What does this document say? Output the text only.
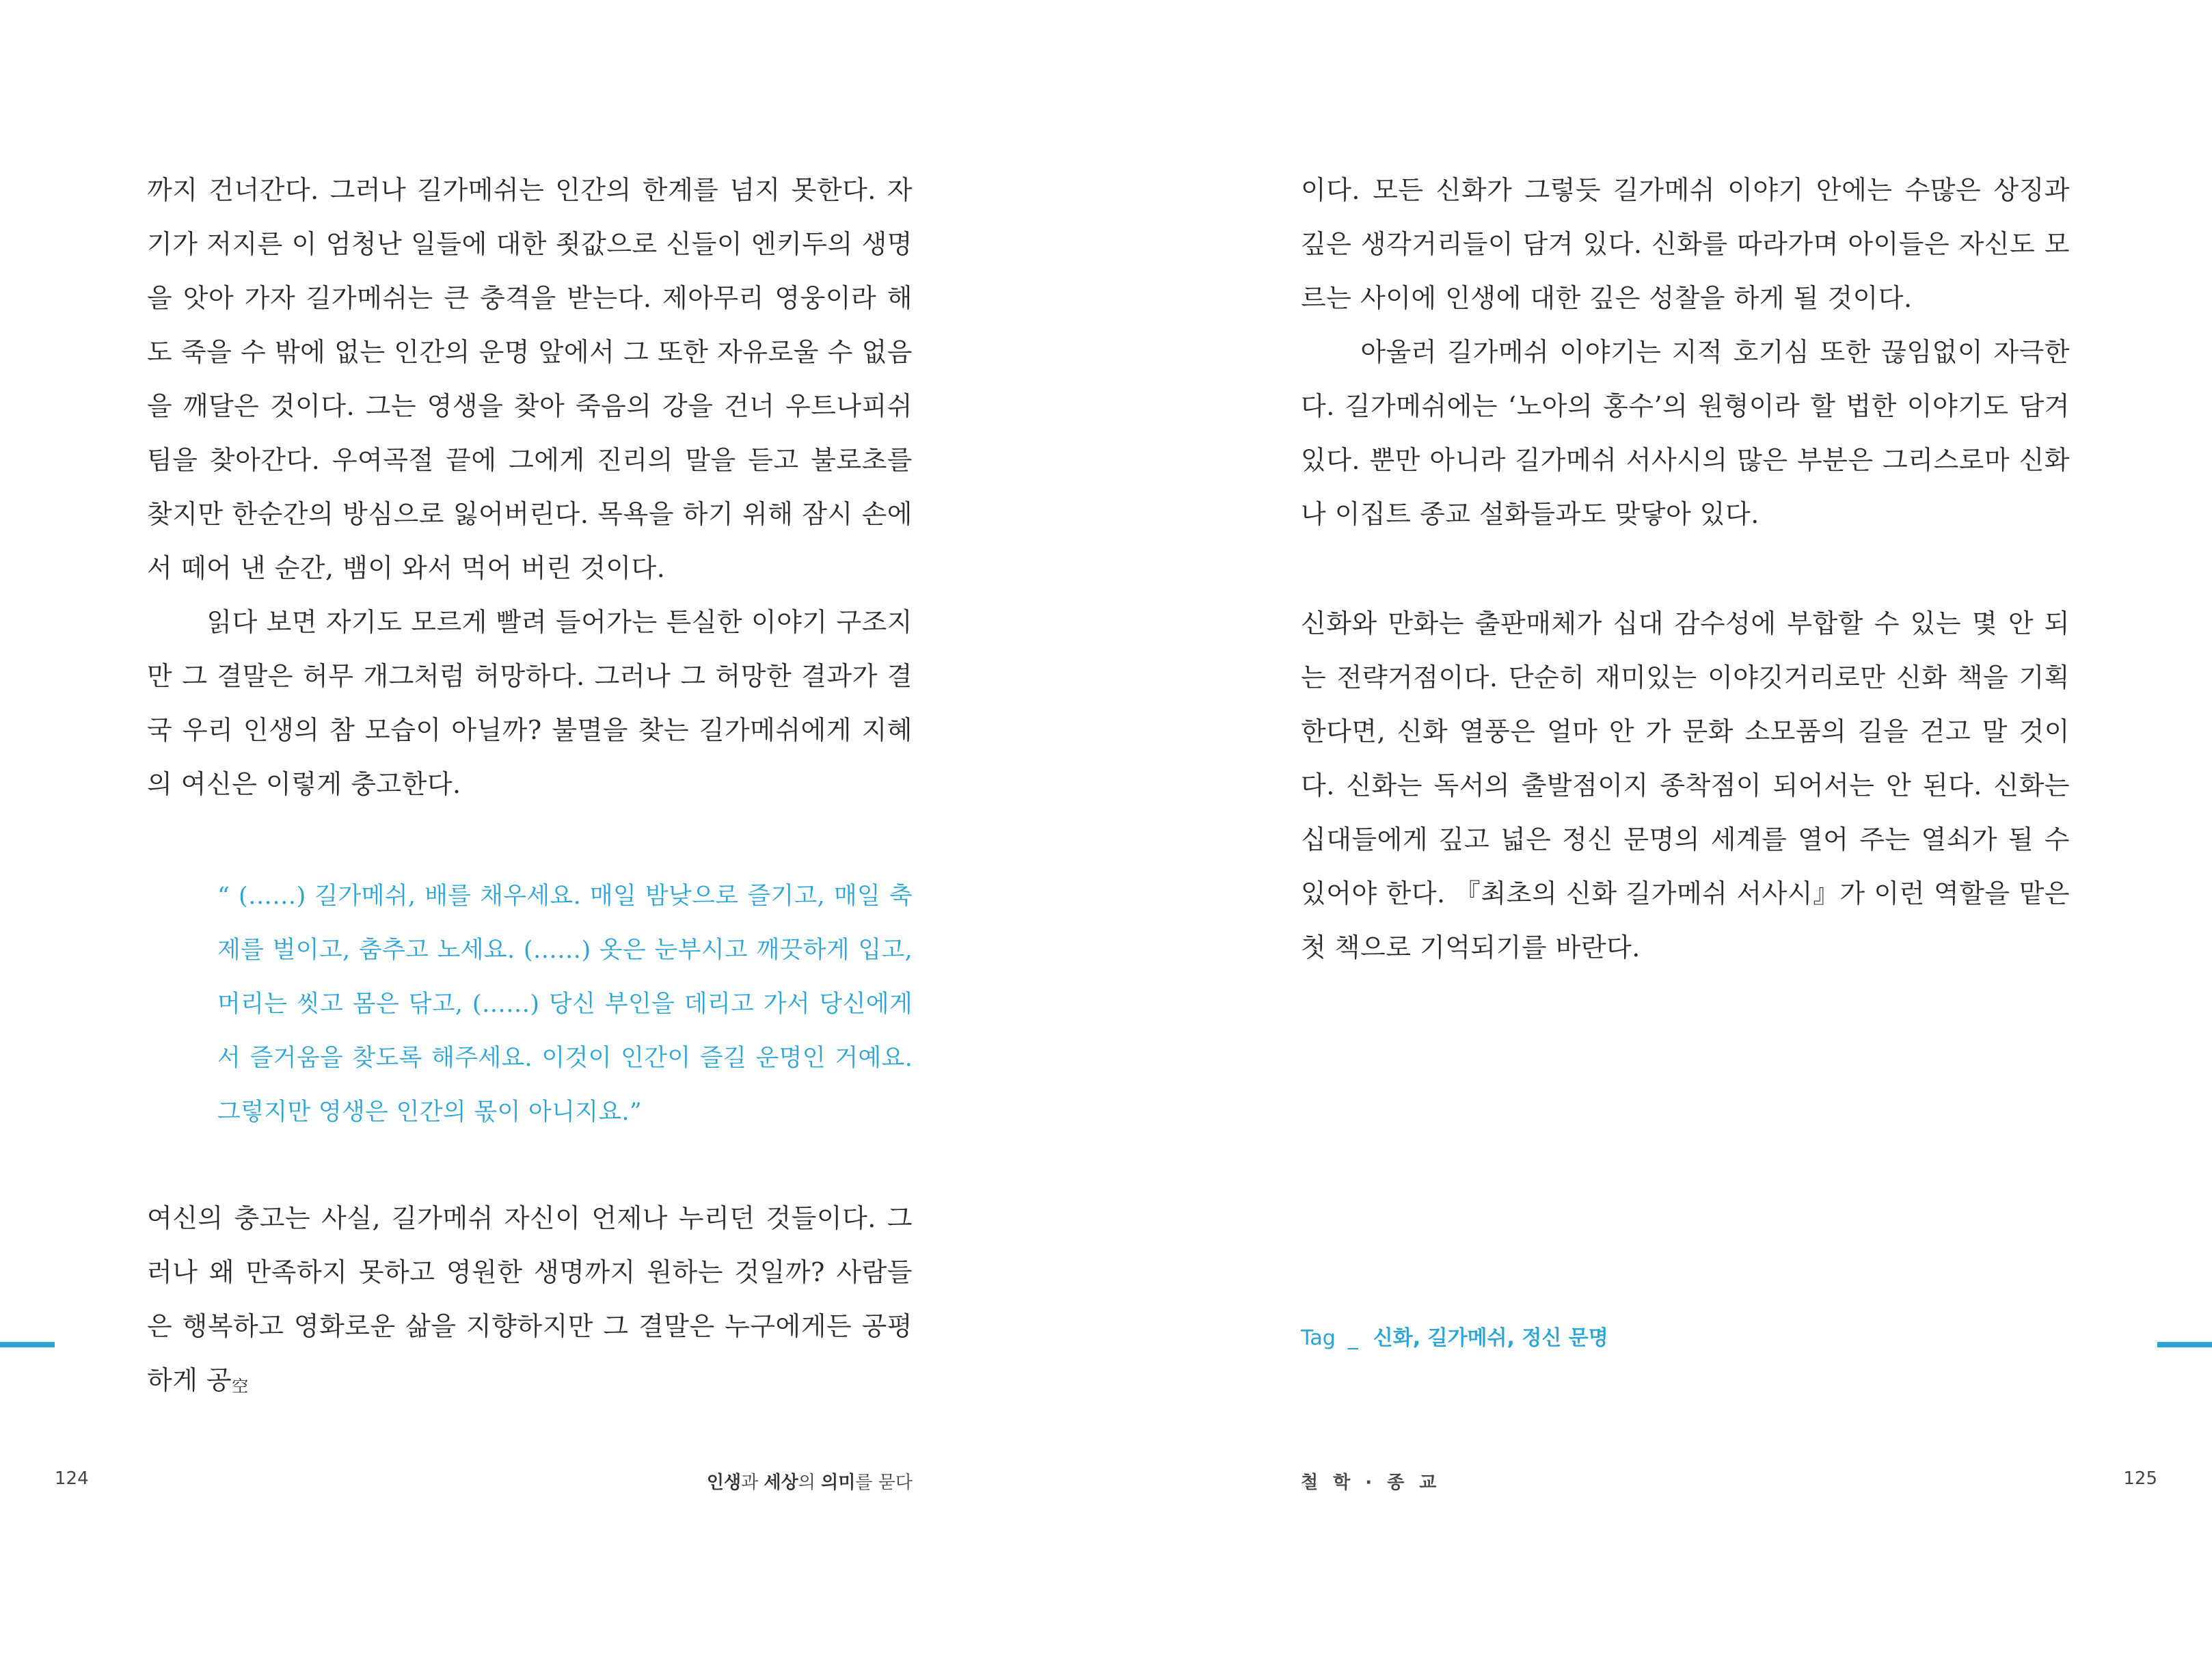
까지 건너간다. 그러나 길가메쉬는 인간의 한계를 넘지 못한다. 자기가 저지른 이 엄청난 일들에 대한 죗값으로 신들이 엔키두의 생명을 앗아 가자 길가메쉬는 큰 충격을 받는다. 제아무리 영웅이라 해도 죽을 수 밖에 없는 인간의 운명 앞에서 그 또한 자유로울 수 없음을 깨달은 것이다. 그는 영생을 찾아 죽음의 강을 건너 우트나피쉬팀을 찾아간다. 우여곡절 끝에 그에게 진리의 말을 듣고 불로초를 찾지만 한순간의 방심으로 잃어버린다. 목욕을 하기 위해 잠시 손에서 떼어 낸 순간, 뱀이 와서 먹어 버린 것이다.

읽다 보면 자기도 모르게 빨려 들어가는 튼실한 이야기 구조지만 그 결말은 허무 개그처럼 허망하다. 그러나 그 허망한 결과가 결국 우리 인생의 참 모습이 아닐까? 불멸을 찾는 길가메쉬에게 지혜의 여신은 이렇게 충고한다.

“ (……) 길가메쉬, 배를 채우세요. 매일 밤낮으로 즐기고, 매일 축제를 벌이고, 춤추고 노세요. (……) 옷은 눈부시고 깨끗하게 입고, 머리는 씻고 몸은 닦고, (……) 당신 부인을 데리고 가서 당신에게서 즐거움을 찾도록 해주세요. 이것이 인간이 즐길 운명인 거예요. 그렇지만 영생은 인간의 몫이 아니지요.”

여신의 충고는 사실, 길가메쉬 자신이 언제나 누리던 것들이다. 그러나 왜 만족하지 못하고 영원한 생명까지 원하는 것일까? 사람들은 행복하고 영화로운 삶을 지향하지만 그 결말은 누구에게든 공평하게 공空

124	인생과 세상의 의미를 묻다

이다. 모든 신화가 그렇듯 길가메쉬 이야기 안에는 수많은 상징과 깊은 생각거리들이 담겨 있다. 신화를 따라가며 아이들은 자신도 모르는 사이에 인생에 대한 깊은 성찰을 하게 될 것이다.

아울러 길가메쉬 이야기는 지적 호기심 또한 끊임없이 자극한다. 길가메쉬에는 ‘노아의 홍수’의 원형이라 할 법한 이야기도 담겨 있다. 뿐만 아니라 길가메쉬 서사시의 많은 부분은 그리스로마 신화나 이집트 종교 설화들과도 맞닿아 있다.

신화와 만화는 출판매체가 십대 감수성에 부합할 수 있는 몇 안 되는 전략거점이다. 단순히 재미있는 이야깃거리로만 신화 책을 기획한다면, 신화 열풍은 얼마 안 가 문화 소모품의 길을 걷고 말 것이다. 신화는 독서의 출발점이지 종착점이 되어서는 안 된다. 신화는 십대들에게 깊고 넓은 정신 문명의 세계를 열어 주는 열쇠가 될 수 있어야 한다. 『최초의 신화 길가메쉬 서사시』가 이런 역할을 맡은 첫 책으로 기억되기를 바란다.

Tag _ 신화, 길가메쉬, 정신 문명
철 학 · 종 교	125
